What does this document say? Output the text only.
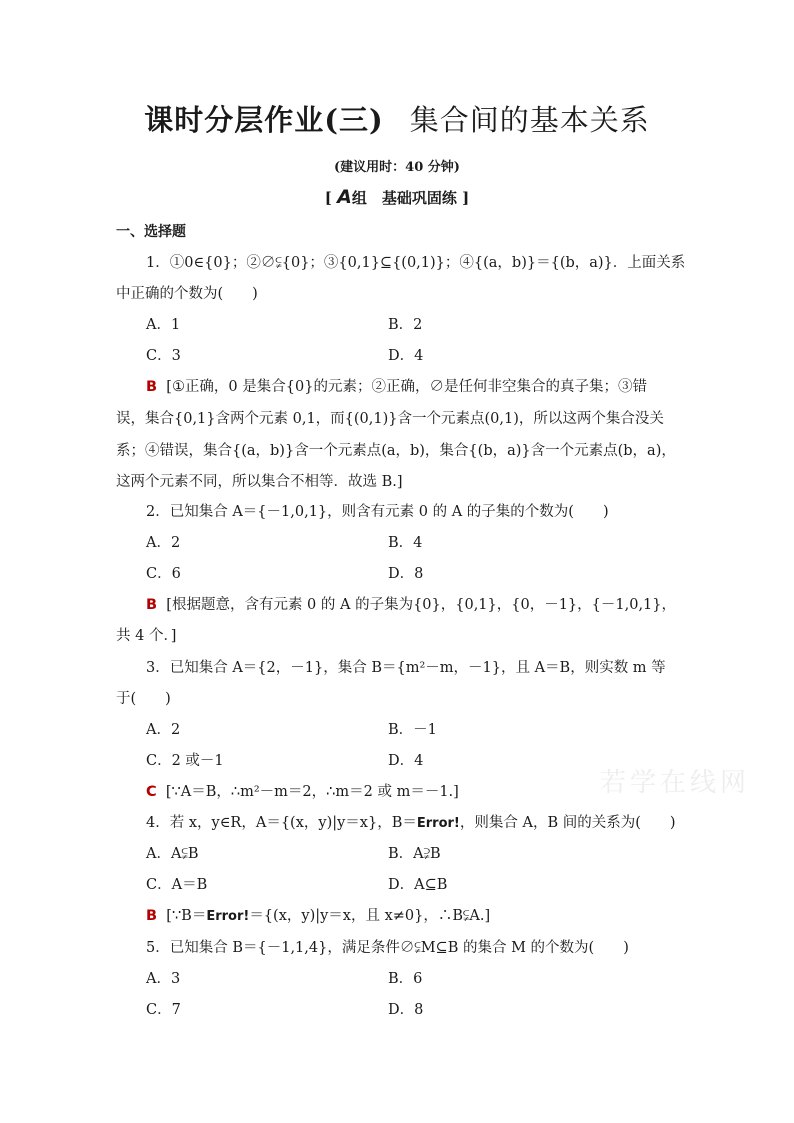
课时分层作业(三) 集合间的基本关系
(建议用时：40 分钟)
[ A组　基础巩固练 ]
一、选择题
1．①0∈{0}；②∅⫋{0}；③{0,1}⊆{(0,1)}；④{(a，b)}＝{(b，a)}．上面关系
中正确的个数为(　　)
A．1	B．2
C．3	D．4
B [①正确，0 是集合{0}的元素；②正确，∅是任何非空集合的真子集；③错
误，集合{0,1}含两个元素 0,1，而{(0,1)}含一个元素点(0,1)，所以这两个集合没关
系；④错误，集合{(a，b)}含一个元素点(a，b)，集合{(b，a)}含一个元素点(b，a)，
这两个元素不同，所以集合不相等．故选 B.]
2．已知集合 A＝{－1,0,1}，则含有元素 0 的 A 的子集的个数为(　　)
A．2	B．4
C．6	D．8
B [根据题意，含有元素 0 的 A 的子集为{0}，{0,1}，{0，－1}，{－1,0,1}，
共 4 个．]
3．已知集合 A＝{2，－1}，集合 B＝{m²－m，－1}，且 A＝B，则实数 m 等
于(　　)
A．2	B．－1
C．2 或－1	D．4
C [∵A＝B，∴m²－m＝2，∴m＝2 或 m＝－1.]
4．若 x，y∈R，A＝{(x，y)|y＝x}，B＝Error!，则集合 A，B 间的关系为(　　)
A．A⫋B	B．A⫌B
C．A＝B	D．A⊆B
B [∵B＝Error!＝{(x，y)|y＝x，且 x≠0}，∴B⫋A.]
5．已知集合 B＝{－1,1,4}，满足条件∅⫋M⊆B 的集合 M 的个数为(　　)
A．3	B．6
C．7	D．8
若学在线网
